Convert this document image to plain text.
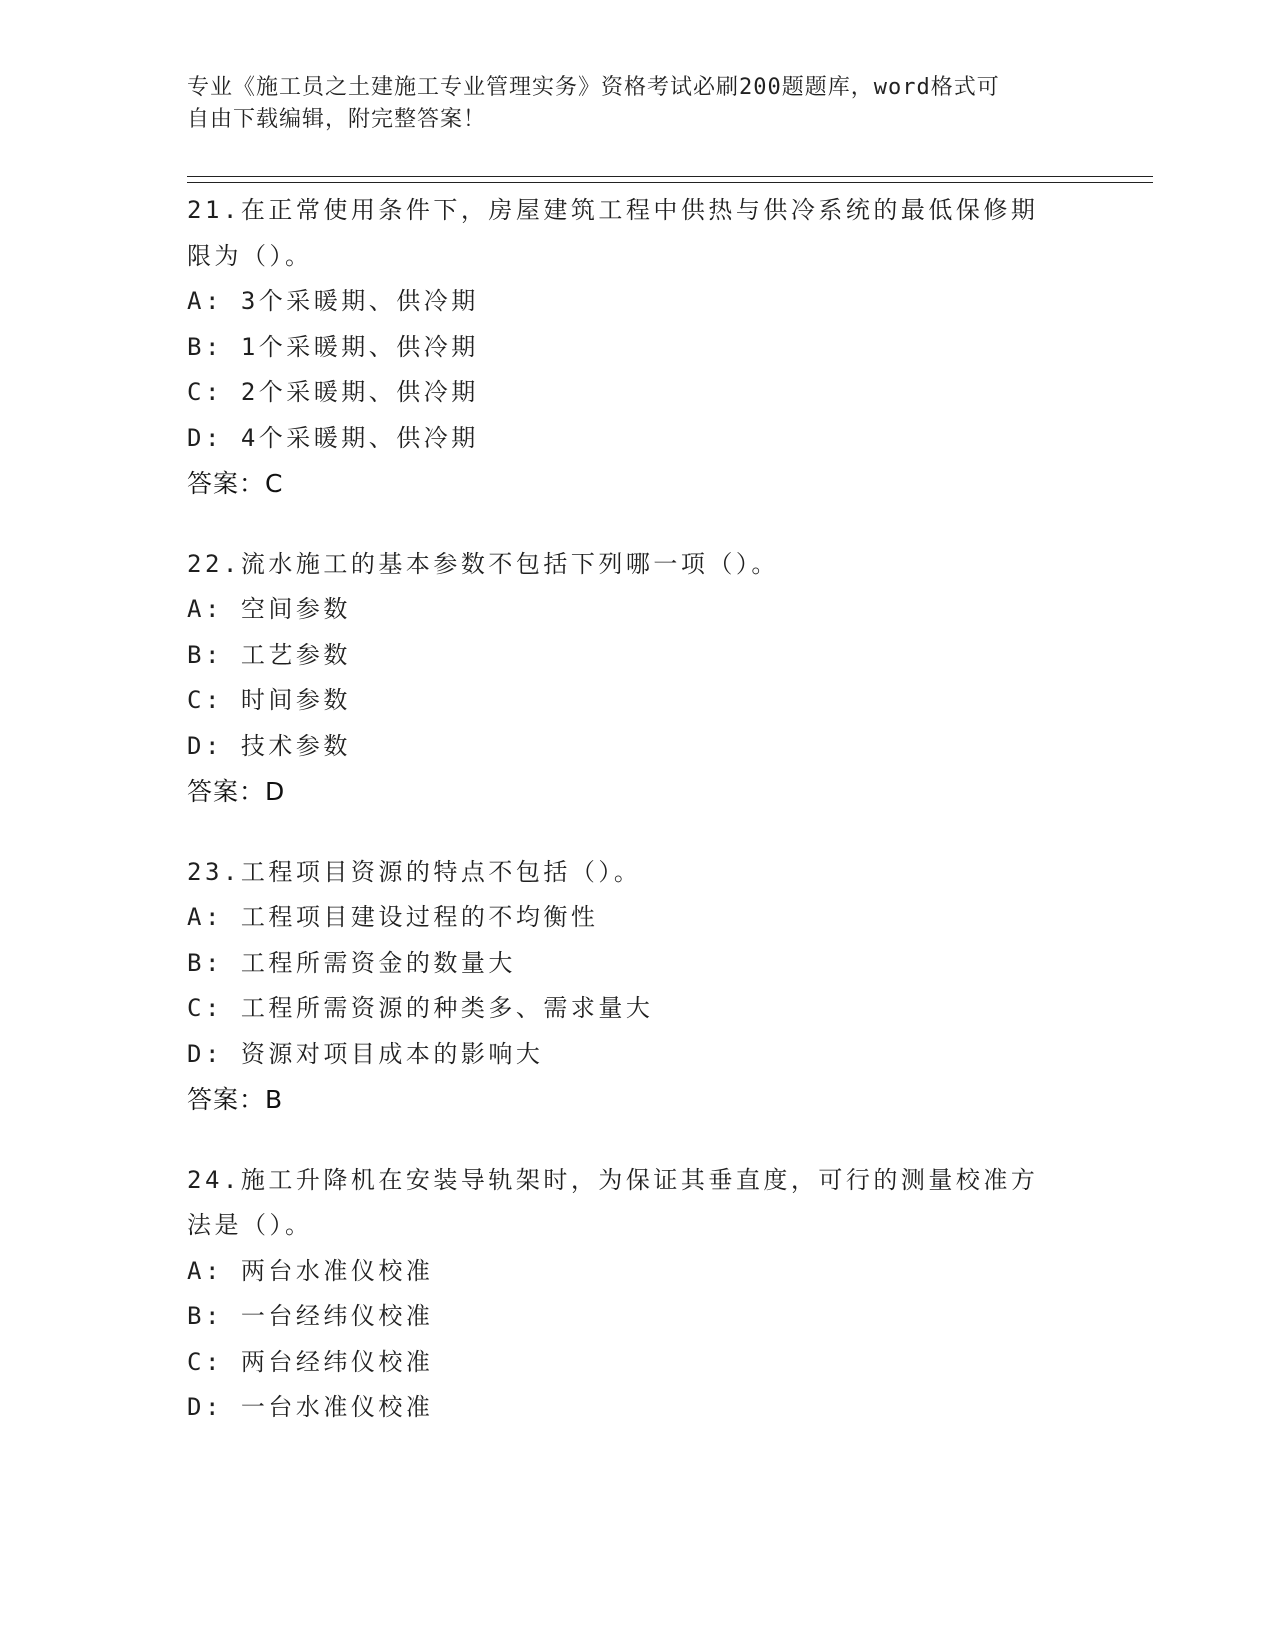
专业《施工员之土建施工专业管理实务》资格考试必刷200题题库，word格式可

自由下载编辑，附完整答案！

21.在正常使用条件下，房屋建筑工程中供热与供冷系统的最低保修期

限为（）。

A: 3个采暖期、供冷期

B: 1个采暖期、供冷期

C: 2个采暖期、供冷期

D: 4个采暖期、供冷期

答案：C

22.流水施工的基本参数不包括下列哪一项（）。

A: 空间参数

B: 工艺参数

C: 时间参数

D: 技术参数

答案：D

23.工程项目资源的特点不包括（）。

A: 工程项目建设过程的不均衡性

B: 工程所需资金的数量大

C: 工程所需资源的种类多、需求量大

D: 资源对项目成本的影响大

答案：B

24.施工升降机在安装导轨架时，为保证其垂直度，可行的测量校准方

法是（）。

A: 两台水准仪校准

B: 一台经纬仪校准

C: 两台经纬仪校准

D: 一台水准仪校准
